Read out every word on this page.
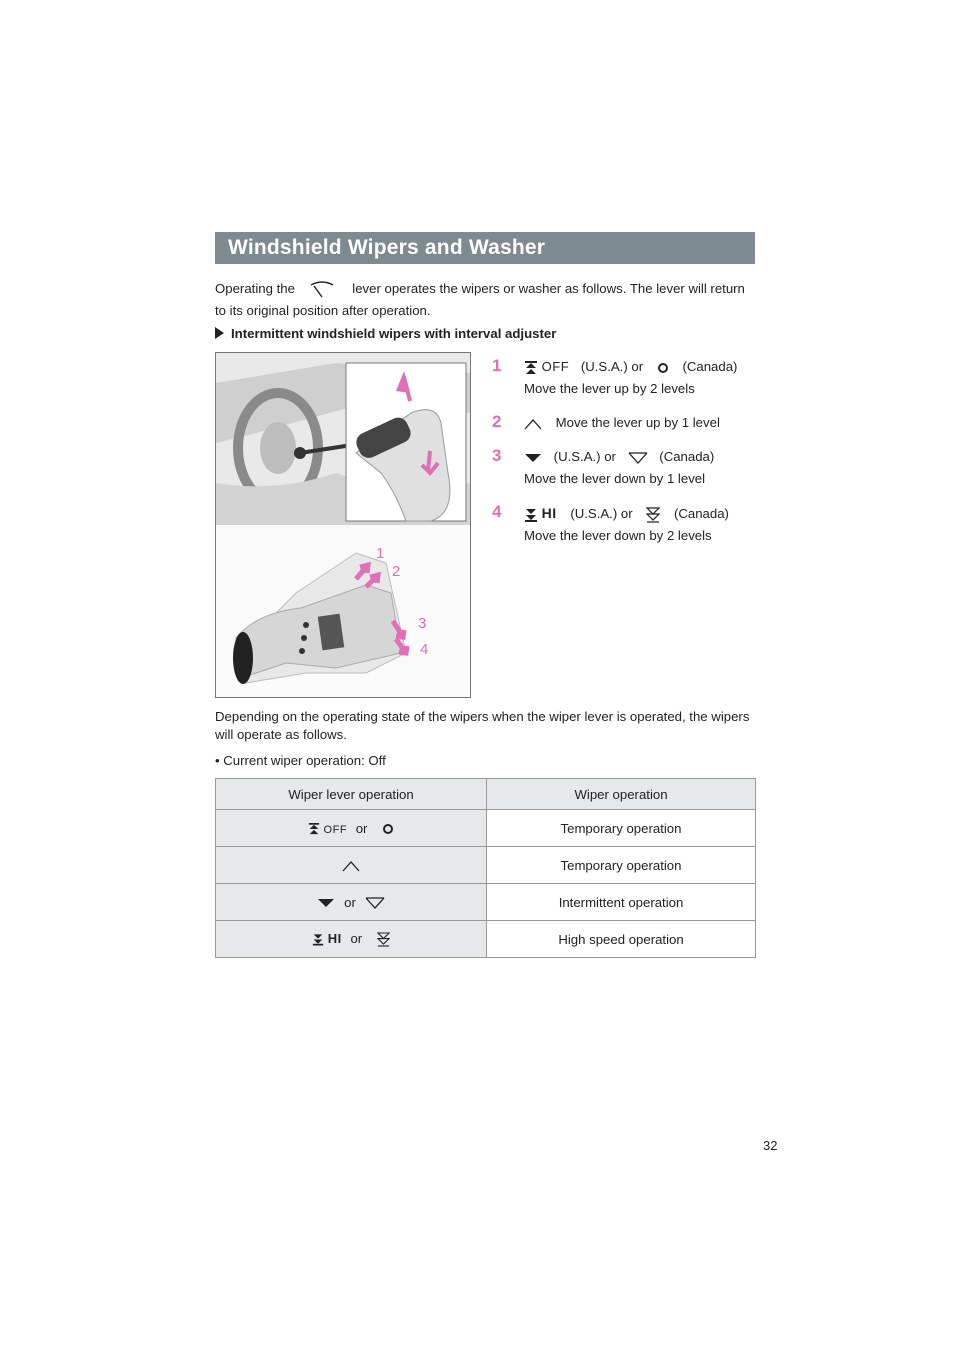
Windshield Wipers and Washer
Operating the	lever operates the wipers or washer as follows. The lever will return
to its original position after operation.
Intermittent windshield wipers with interval adjuster
1
2
3
4
1	OFF (U.S.A.) or	(Canada)
Move the lever up by 2 levels
2	Move the lever up by 1 level
3	(U.S.A.) or	(Canada)
Move the lever down by 1 level
4	HI (U.S.A.) or	(Canada)
Move the lever down by 2 levels
Depending on the operating state of the wipers when the wiper lever is operated, the wipers
will operate as follows.
• Current wiper operation: Off
Wiper lever operation	Wiper operation

OFF or	Temporary operation

	Temporary operation

or	Intermittent operation

HI or	High speed operation
32
